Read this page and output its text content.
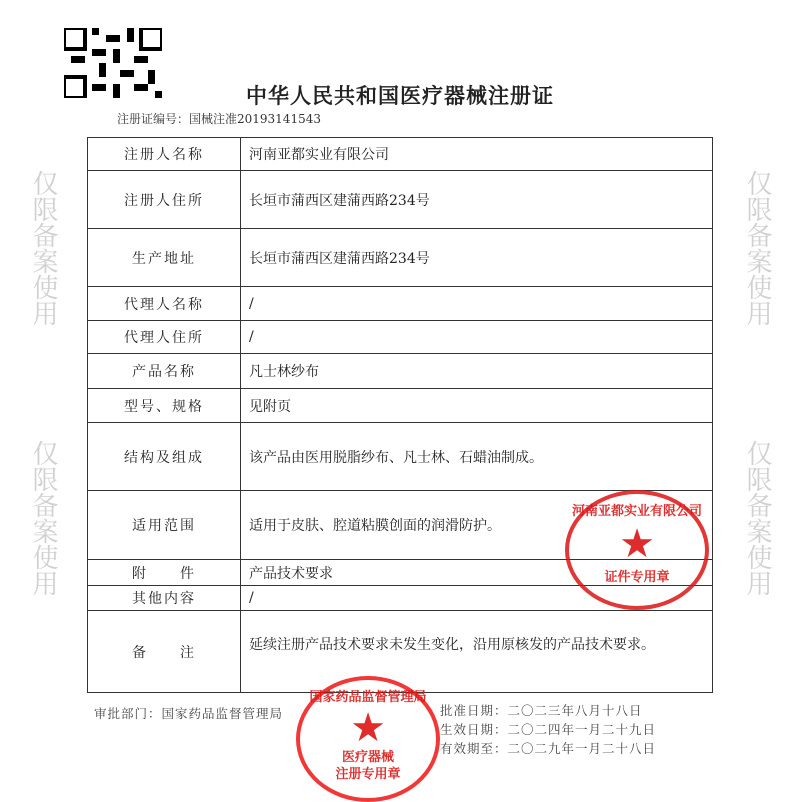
中华人民共和国医疗器械注册证
注册证编号：国械注准20193141543
注册人名称	河南亚都实业有限公司
注册人住所	长垣市蒲西区建蒲西路234号
生产地址	长垣市蒲西区建蒲西路234号
代理人名称	/
代理人住所	/
产品名称	凡士林纱布
型号、规格	见附页
结构及组成	该产品由医用脱脂纱布、凡士林、石蜡油制成。
适用范围	适用于皮肤、腔道粘膜创面的润滑防护。
附　　件	产品技术要求
其他内容	/
备　　注	延续注册产品技术要求未发生变化，沿用原核发的产品技术要求。
审批部门：国家药品监督管理局	批准日期：二〇二三年八月十八日
生效日期：二〇二四年一月二十九日
有效期至：二〇二九年一月二十八日
河南亚都实业有限公司
★
证件专用章
国家药品监督管理局
★
医疗器械
注册专用章
仅限备案使用
仅限备案使用
仅限备案使用
仅限备案使用
